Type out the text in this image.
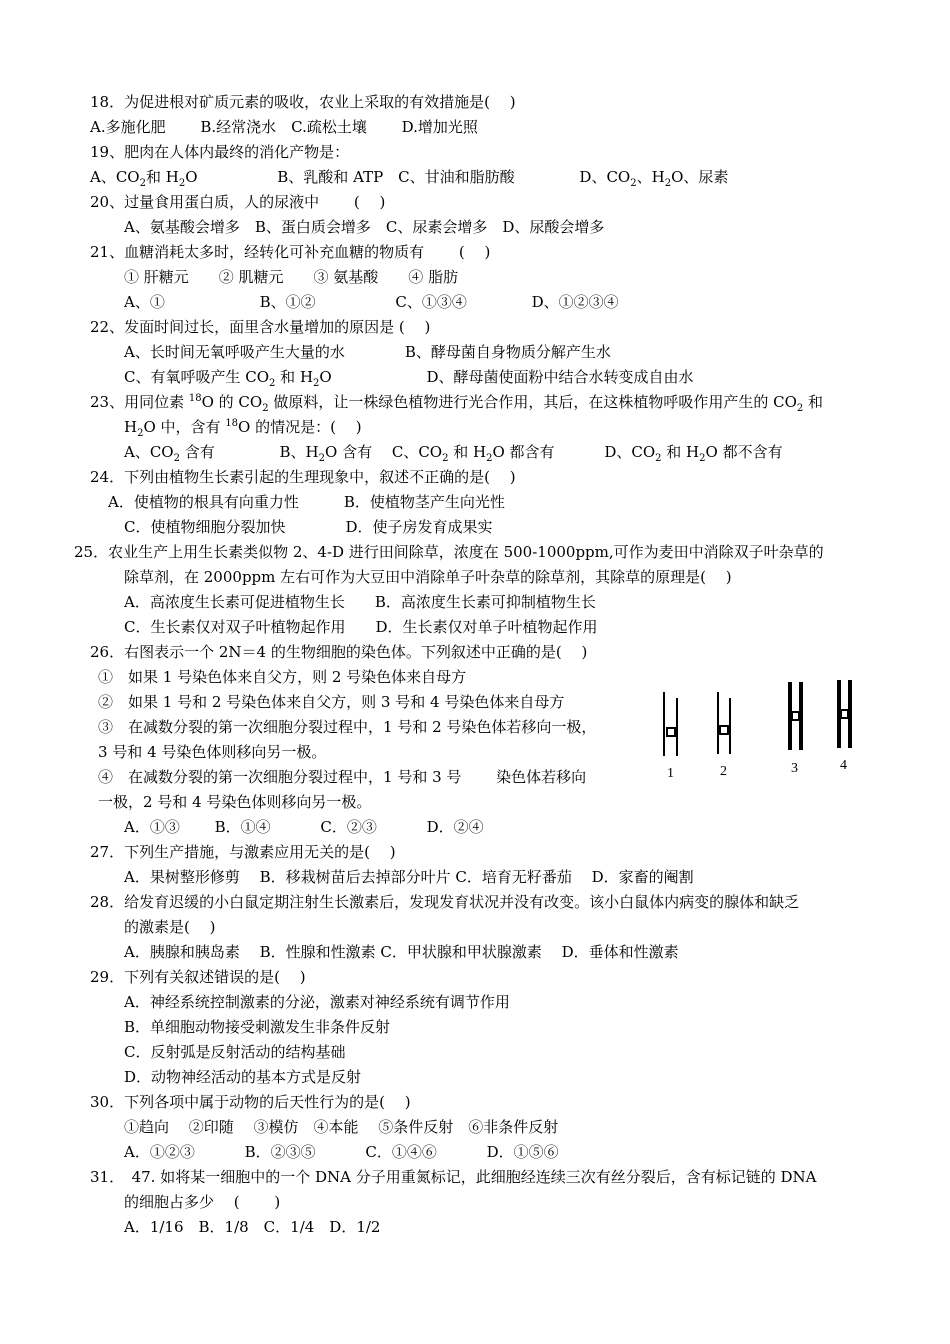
18．为促进根对矿质元素的吸收，农业上采取的有效措施是(　 )
A.多施化肥　　 B.经常浇水　C.疏松土壤　　 D.增加光照
19、肥肉在人体内最终的消化产物是：
A、$CO_2$和 $H_2O$　　　　　 B、乳酸和 ATP　C、甘油和脂肪酸　　　　 D、$CO_2$、$H_2O$、尿素
20、过量食用蛋白质，人的尿液中　　 (　 )
A、氨基酸会增多　B、蛋白质会增多　C、尿素会增多　D、尿酸会增多
21、血糖消耗太多时，经转化可补充血糖的物质有　　 (　 )
① 肝糖元　　② 肌糖元　　③ 氨基酸　　④ 脂肪
A、①　　　　　　 B、①②　　　　　 C、①③④　　　　 D、①②③④
22、发面时间过长，面里含水量增加的原因是 (　 )
A、长时间无氧呼吸产生大量的水　　　　B、酵母菌自身物质分解产生水
C、有氧呼吸产生 $CO_2$ 和 $H_2O$　　　　　　 D、酵母菌使面粉中结合水转变成自由水
23、用同位素 $^{18}$O 的 $CO_2$ 做原料，让一株绿色植物进行光合作用，其后，在这株植物呼吸作用产生的 $CO_2$ 和
$H_2O$ 中，含有 $^{18}$O 的情况是：(　 )
A、$CO_2$ 含有　　　　 B、$H_2O$ 含有　 C、$CO_2$ 和 $H_2O$ 都含有　　　 D、$CO_2$ 和 $H_2O$ 都不含有
24．下列由植物生长素引起的生理现象中，叙述不正确的是(　 )
A．使植物的根具有向重力性　　　B．使植物茎产生向光性
C．使植物细胞分裂加快　　　　D．使子房发育成果实
25．农业生产上用生长素类似物 2、4-D 进行田间除草，浓度在 500-1000ppm,可作为麦田中消除双子叶杂草的
除草剂，在 2000ppm 左右可作为大豆田中消除单子叶杂草的除草剂，其除草的原理是(　 )
A．高浓度生长素可促进植物生长　　B．高浓度生长素可抑制植物生长
C．生长素仅对双子叶植物起作用　　D．生长素仅对单子叶植物起作用
26．右图表示一个 2N＝4 的生物细胞的染色体。下列叙述中正确的是(　 )
①　如果 1 号染色体来自父方，则 2 号染色体来自母方
②　如果 1 号和 2 号染色体来自父方，则 3 号和 4 号染色体来自母方
③　在减数分裂的第一次细胞分裂过程中，1 号和 2 号染色体若移向一极，
3 号和 4 号染色体则移向另一极。
④　在减数分裂的第一次细胞分裂过程中，1 号和 3 号　　 染色体若移向
一极，2 号和 4 号染色体则移向另一极。
A．①③　　 B．①④　　　 C．②③　　　 D．②④
27．下列生产措施，与激素应用无关的是(　 )
A．果树整形修剪　 B．移栽树苗后去掉部分叶片 C．培育无籽番茄　 D．家畜的阉割
28．给发育迟缓的小白鼠定期注射生长激素后，发现发育状况并没有改变。该小白鼠体内病变的腺体和缺乏
的激素是(　 )
A．胰腺和胰岛素　 B．性腺和性激素 C．甲状腺和甲状腺激素　 D．垂体和性激素
29．下列有关叙述错误的是(　 )
A．神经系统控制激素的分泌，激素对神经系统有调节作用
B．单细胞动物接受刺激发生非条件反射
C．反射弧是反射活动的结构基础
D．动物神经活动的基本方式是反射
30．下列各项中属于动物的后天性行为的是(　 )
①趋向　 ②印随　 ③模仿　④本能　 ⑤条件反射　⑥非条件反射
A．①②③　　　 B．②③⑤　　　 C．①④⑥　　　 D．①⑤⑥
31．　47. 如将某一细胞中的一个 DNA 分子用重氮标记，此细胞经连续三次有丝分裂后，含有标记链的 DNA
的细胞占多少　 (　　 )
A．1/16　B．1/8　C．1/4　D．1/2
1	2	3	4
